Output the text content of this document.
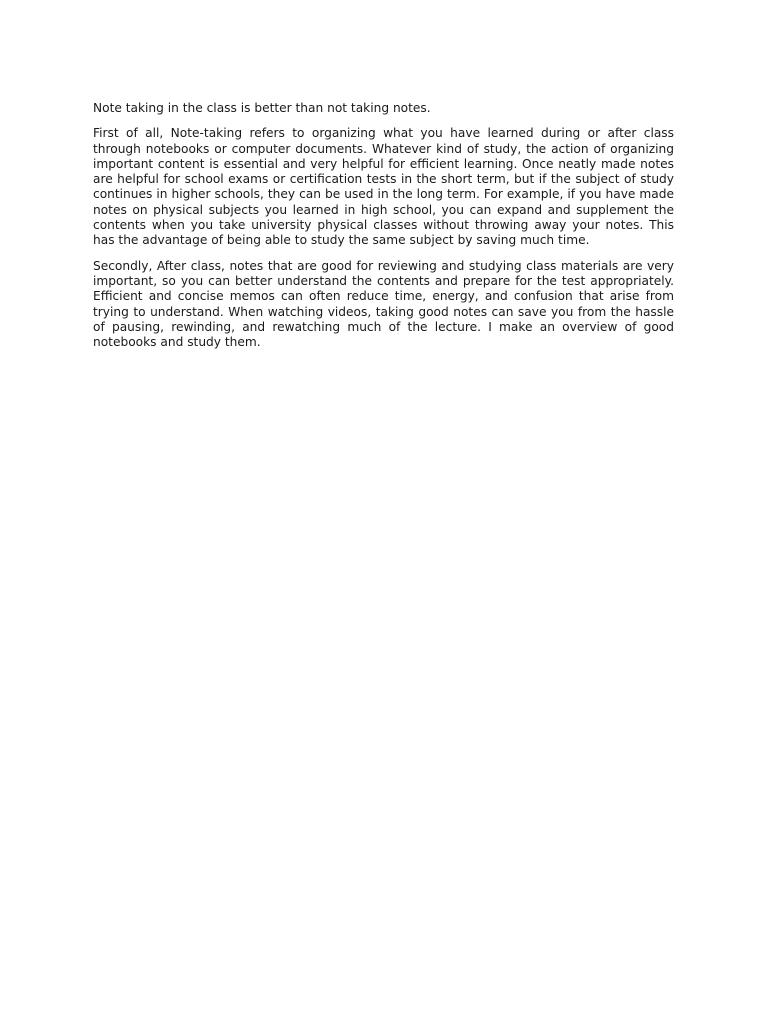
Note taking in the class is better than not taking notes.

First of all, Note-taking refers to organizing what you have learned during or after class through notebooks or computer documents. Whatever kind of study, the action of organizing important content is essential and very helpful for efficient learning. Once neatly made notes are helpful for school exams or certification tests in the short term, but if the subject of study continues in higher schools, they can be used in the long term. For exampIe, if you have made notes on physical subjects you learned in high school, you can expand and supplement the contents when you take university physical classes without throwing away your notes. This has the advantage of being able to study the same subject by saving much time.

Secondly, After class, notes that are good for reviewing and studying class materials are very important, so you can better understand the contents and prepare for the test appropriately. Efficient and concise memos can often reduce time, energy, and confusion that arise from trying to understand. When watching videos, taking good notes can save you from the hassle of pausing, rewinding, and rewatching much of the lecture. I make an overview of good notebooks and study them.
